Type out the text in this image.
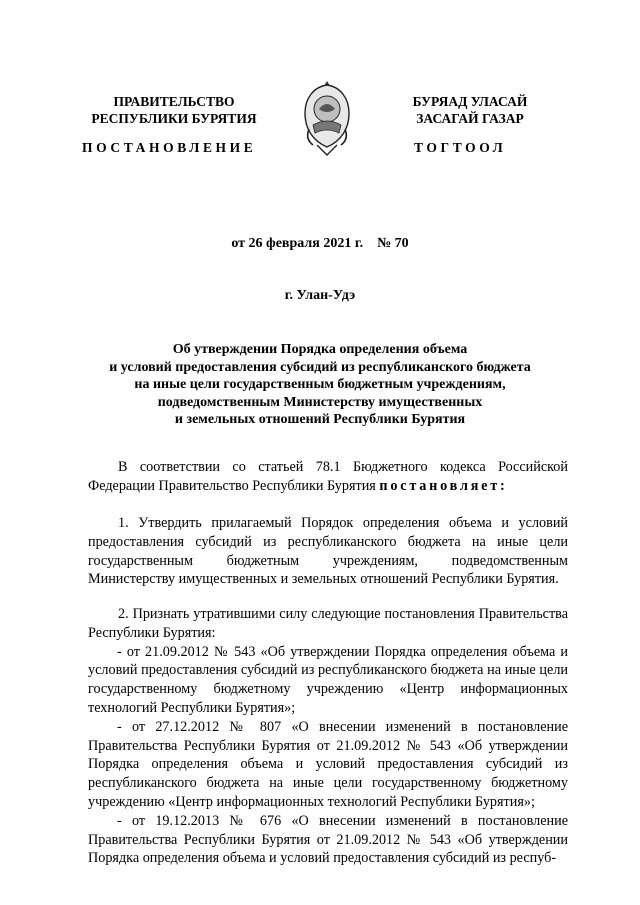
ПРАВИТЕЛЬСТВО
РЕСПУБЛИКИ БУРЯТИЯ
БУРЯАД УЛАСАЙ
ЗАСАГАЙ ГАЗАР
ПОСТАНОВЛЕНИЕ	ТОГТООЛ
от 26 февраля 2021 г.    № 70
г. Улан-Удэ
Об утверждении Порядка определения объема
и условий предоставления субсидий из республиканского бюджета
на иные цели государственным бюджетным учреждениям,
подведомственным Министерству имущественных
и земельных отношений Республики Бурятия

В соответствии со статьей 78.1 Бюджетного кодекса Российской Федерации Правительство Республики Бурятия постановляет:

1. Утвердить прилагаемый Порядок определения объема и условий предоставления субсидий из республиканского бюджета на иные цели государственным бюджетным учреждениям, подведомственным Министерству имущественных и земельных отношений Республики Бурятия.

2. Признать утратившими силу следующие постановления Правительства Республики Бурятия:

- от 21.09.2012 № 543 «Об утверждении Порядка определения объема и условий предоставления субсидий из республиканского бюджета на иные цели государственному бюджетному учреждению «Центр информационных технологий Республики Бурятия»;

- от 27.12.2012 № 807 «О внесении изменений в постановление Правительства Республики Бурятия от 21.09.2012 № 543 «Об утверждении Порядка определения объема и условий предоставления субсидий из республиканского бюджета на иные цели государственному бюджетному учреждению «Центр информационных технологий Республики Бурятия»;

- от 19.12.2013 № 676 «О внесении изменений в постановление Правительства Республики Бурятия от 21.09.2012 № 543 «Об утверждении Порядка определения объема и условий предоставления субсидий из респуб-
